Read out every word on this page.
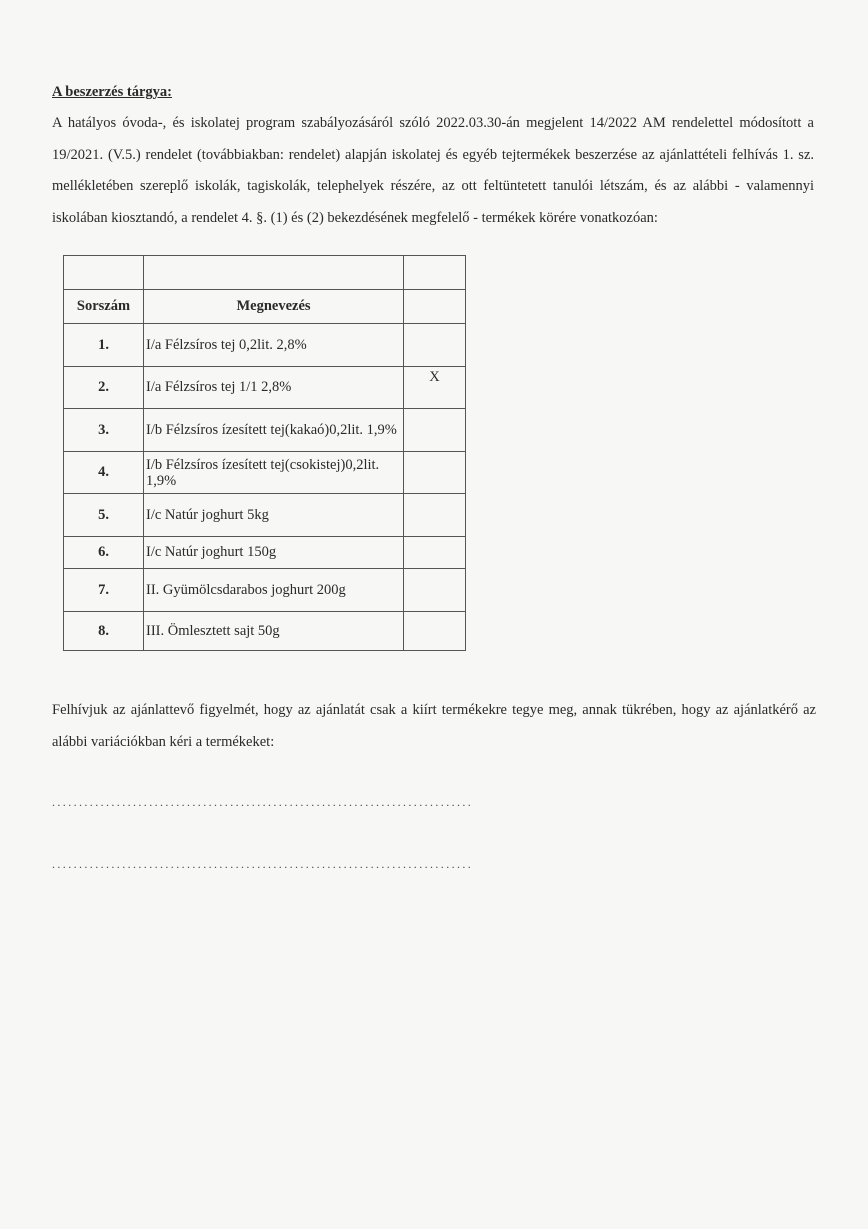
A beszerzés tárgya:
A hatályos óvoda-, és iskolatej program szabályozásáról szóló 2022.03.30-án megjelent 14/2022 AM rendelettel módosított a 19/2021. (V.5.) rendelet (továbbiakban: rendelet) alapján iskolatej és egyéb tejtermékek beszerzése az ajánlattételi felhívás 1. sz. mellékletében szereplő iskolák, tagiskolák, telephelyek részére, az ott feltüntetett tanulói létszám, és az alábbi - valamennyi iskolában kiosztandó, a rendelet 4. §. (1) és (2) bekezdésének megfelelő - termékek körére vonatkozóan:

Sorszám	Megnevezés	
1.	I/a Félzsíros tej 0,2lit. 2,8%	
2.	I/a Félzsíros tej 1/1 2,8%	X
3.	I/b Félzsíros ízesített tej(kakaó)0,2lit. 1,9%	
4.	I/b Félzsíros ízesített tej(csokistej)0,2lit. 1,9%	
5.	I/c Natúr joghurt 5kg	
6.	I/c Natúr joghurt 150g	
7.	II. Gyümölcsdarabos joghurt 200g	
8.	III. Ömlesztett sajt 50g	
Felhívjuk az ajánlattevő figyelmét, hogy az ajánlatát csak a kiírt termékekre tegye meg, annak tükrében, hogy az ajánlatkérő az alábbi variációkban kéri a termékeket:
..............................................................................
..............................................................................
